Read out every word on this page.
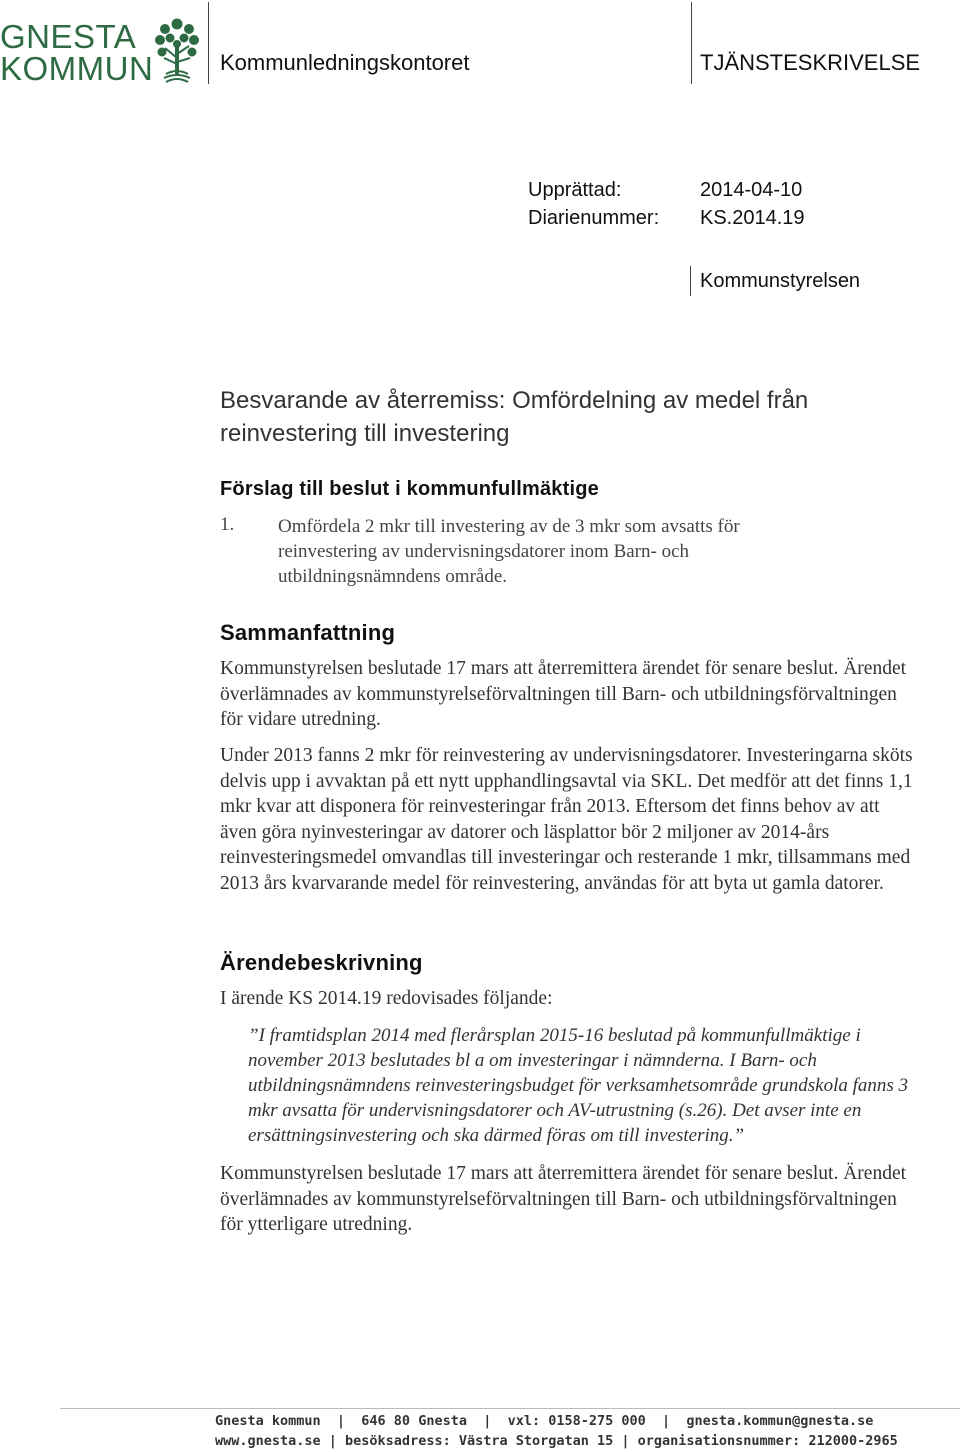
GNESTA
KOMMUN	Kommunledningskontoret	TJÄNSTESKRIVELSE
Upprättad:	2014-04-10
Diarienummer: KS.2014.19
Kommunstyrelsen
Besvarande av återremiss: Omfördelning av medel från reinvestering till investering
Förslag till beslut i kommunfullmäktige
1. Omfördela 2 mkr till investering av de 3 mkr som avsatts för reinvestering av undervisningsdatorer inom Barn- och utbildningsnämndens område.
Sammanfattning
Kommunstyrelsen beslutade 17 mars att återremittera ärendet för senare beslut. Ärendet överlämnades av kommunstyrelseförvaltningen till Barn- och utbildningsförvaltningen för vidare utredning.
Under 2013 fanns 2 mkr för reinvestering av undervisningsdatorer. Investeringarna sköts delvis upp i avvaktan på ett nytt upphandlingsavtal via SKL. Det medför att det finns 1,1 mkr kvar att disponera för reinvesteringar från 2013. Eftersom det finns behov av att även göra nyinvesteringar av datorer och läsplattor bör 2 miljoner av 2014-års reinvesteringsmedel omvandlas till investeringar och resterande 1 mkr, tillsammans med 2013 års kvarvarande medel för reinvestering, användas för att byta ut gamla datorer.
Ärendebeskrivning
I ärende KS 2014.19 redovisades följande:
”I framtidsplan 2014 med flerårsplan 2015-16 beslutad på kommunfullmäktige i november 2013 beslutades bl a om investeringar i nämnderna. I Barn- och utbildningsnämndens reinvesteringsbudget för verksamhetsområde grundskola fanns 3 mkr avsatta för undervisningsdatorer och AV-utrustning (s.26). Det avser inte en ersättningsinvestering och ska därmed föras om till investering.”
Kommunstyrelsen beslutade 17 mars att återremittera ärendet för senare beslut. Ärendet överlämnades av kommunstyrelseförvaltningen till Barn- och utbildningsförvaltningen för ytterligare utredning.
Gnesta kommun  |  646 80 Gnesta  |  vxl: 0158-275 000  |  gnesta.kommun@gnesta.se
www.gnesta.se | besöksadress: Västra Storgatan 15 | organisationsnummer: 212000-2965
